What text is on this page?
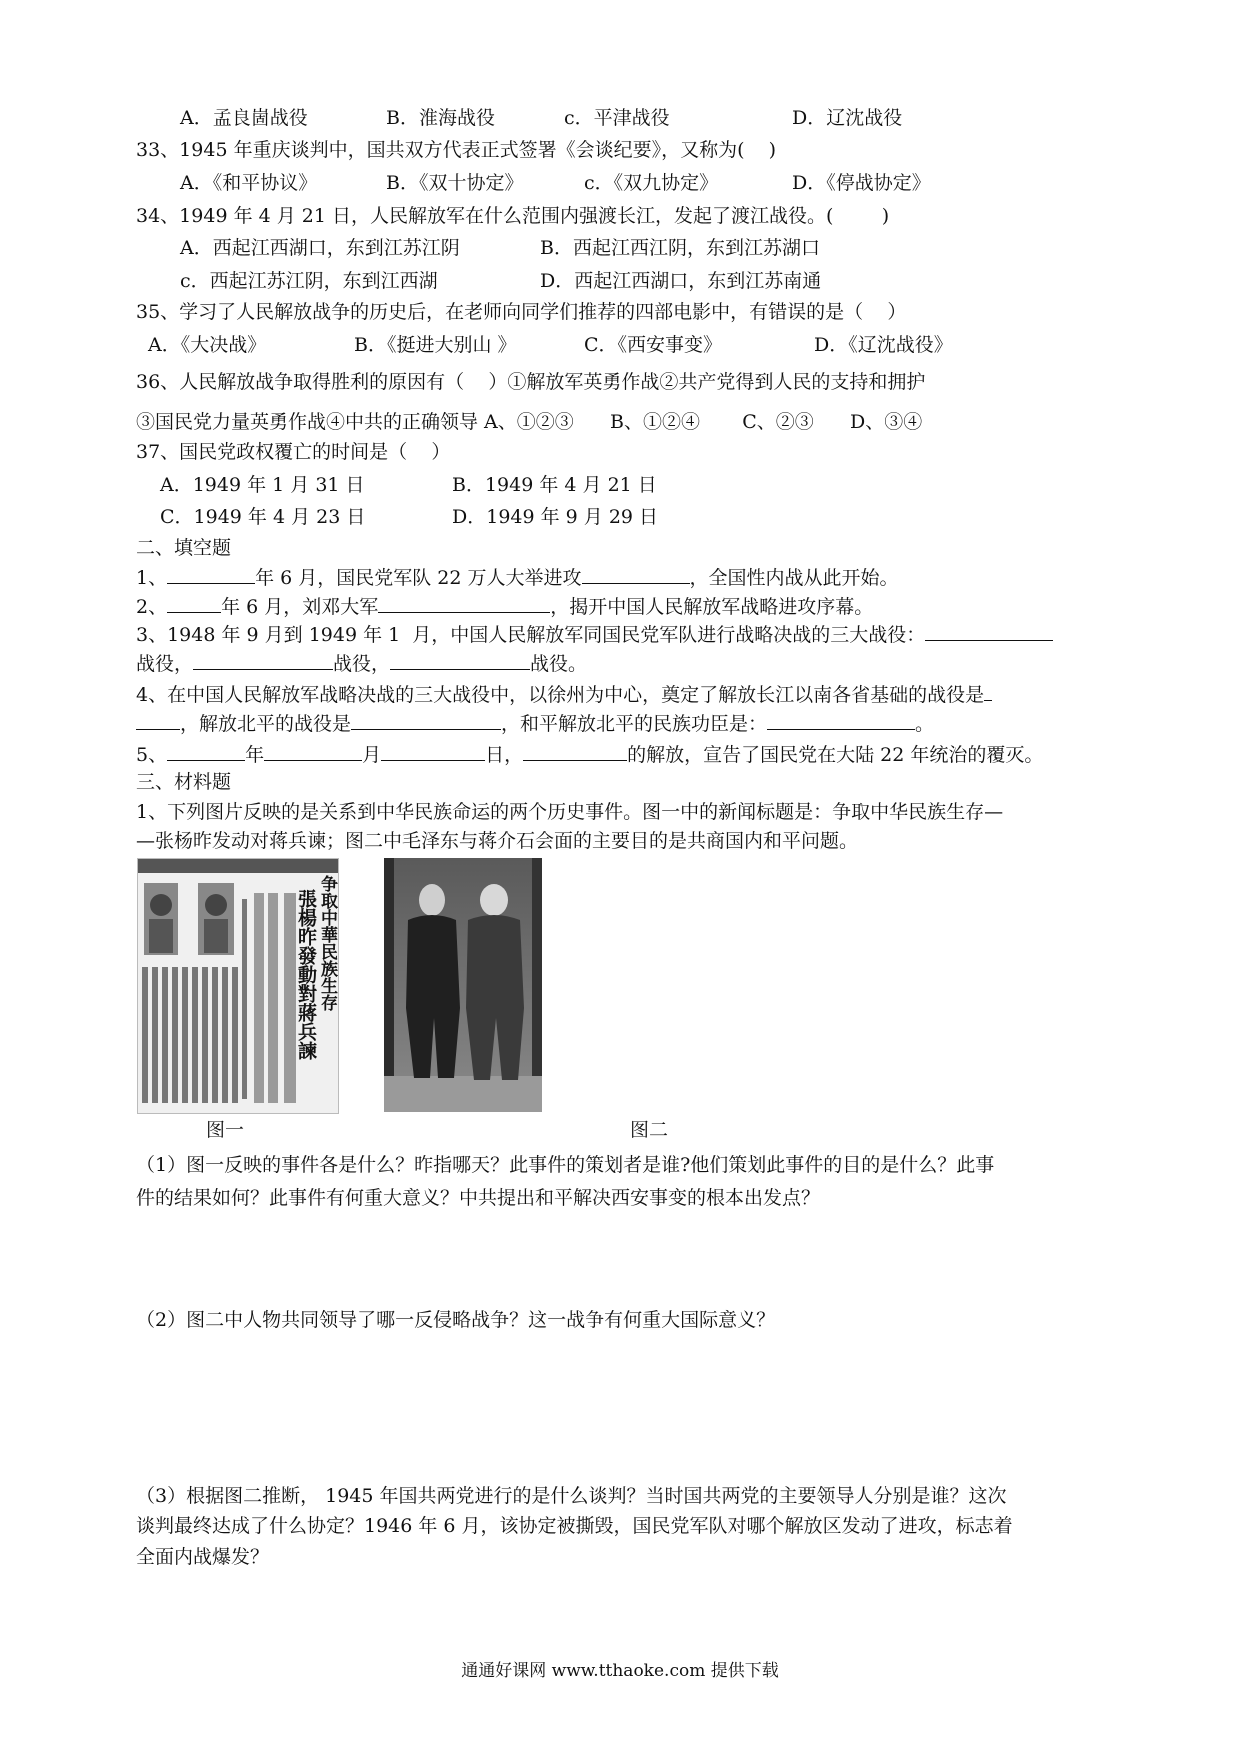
A．孟良崮战役	B．淮海战役	c．平津战役	D．辽沈战役
33、1945 年重庆谈判中，国共双方代表正式签署《会谈纪要》，又称为(    )
A．《和平协议》	B．《双十协定》	c．《双九协定》	D．《停战协定》
34、1949 年 4 月 21 日，人民解放军在什么范围内强渡长江，发起了渡江战役。(        )
A．西起江西湖口，东到江苏江阴	B．西起江西江阴，东到江苏湖口
c．西起江苏江阴，东到江西湖	D．西起江西湖口，东到江苏南通
35、学习了人民解放战争的历史后，在老师向同学们推荐的四部电影中，有错误的是（    ）
A．《大决战》	B．《挺进大别山 》	C．《西安事变》	D．《辽沈战役》
36、人民解放战争取得胜利的原因有（    ）①解放军英勇作战②共产党得到人民的支持和拥护
③国民党力量英勇作战④中共的正确领导 A、①②③      B、①②④       C、②③      D、③④
37、国民党政权覆亡的时间是（    ）
A．1949 年 1 月 31 日	B．1949 年 4 月 21 日
C．1949 年 4 月 23 日	D．1949 年 9 月 29 日
二、填空题
1、	年 6 月，国民党军队 22 万人大举进攻	，全国性内战从此开始。
2、	年 6 月，刘邓大军	，揭开中国人民解放军战略进攻序幕。
3、1948 年 9 月到 1949 年 1  月，中国人民解放军同国民党军队进行战略决战的三大战役：
战役，	战役，	战役。
4、在中国人民解放军战略决战的三大战役中，以徐州为中心，奠定了解放长江以南各省基础的战役是
，解放北平的战役是	，和平解放北平的民族功臣是：	。
5、	年	月	日，	的解放，宣告了国民党在大陆 22 年统治的覆灭。
三、材料题
1、下列图片反映的是关系到中华民族命运的两个历史事件。图一中的新闻标题是：争取中华民族生存—
—张杨昨发动对蒋兵谏；图二中毛泽东与蒋介石会面的主要目的是共商国内和平问题。
争取中華民族生存
張楊昨發動對蔣兵諫
图一	图二
（1）图一反映的事件各是什么？昨指哪天？此事件的策划者是谁?他们策划此事件的目的是什么？此事
件的结果如何？此事件有何重大意义？中共提出和平解决西安事变的根本出发点？
（2）图二中人物共同领导了哪一反侵略战争？这一战争有何重大国际意义？
（3）根据图二推断， 1945 年国共两党进行的是什么谈判？当时国共两党的主要领导人分别是谁？这次
谈判最终达成了什么协定？1946 年 6 月，该协定被撕毁，国民党军队对哪个解放区发动了进攻，标志着
全面内战爆发？
通通好课网 www.tthaoke.com 提供下载
